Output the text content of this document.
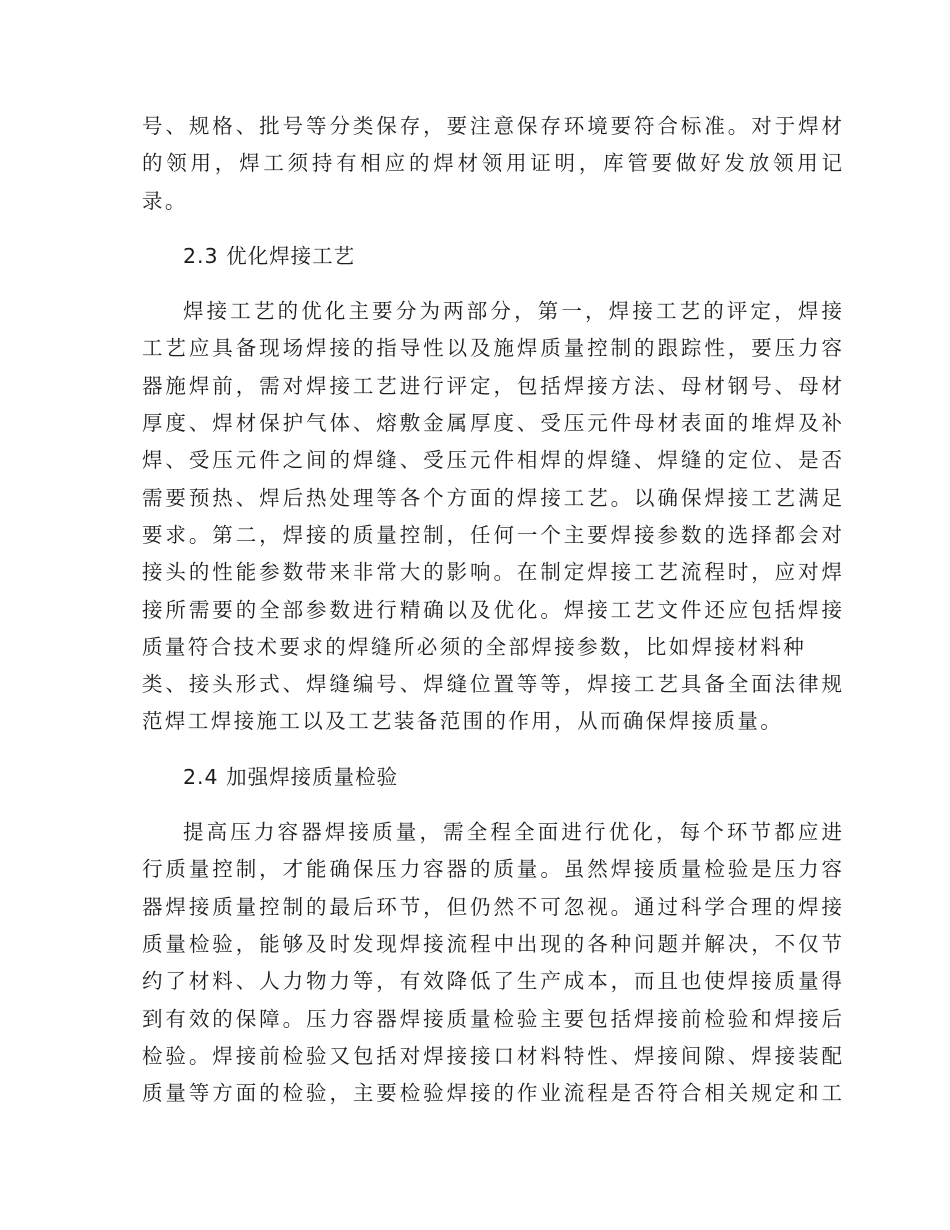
号、规格、批号等分类保存，要注意保存环境要符合标准。对于焊材
的领用，焊工须持有相应的焊材领用证明，库管要做好发放领用记
录。
2.3 优化焊接工艺
焊接工艺的优化主要分为两部分，第一，焊接工艺的评定，焊接
工艺应具备现场焊接的指导性以及施焊质量控制的跟踪性，要压力容
器施焊前，需对焊接工艺进行评定，包括焊接方法、母材钢号、母材
厚度、焊材保护气体、熔敷金属厚度、受压元件母材表面的堆焊及补
焊、受压元件之间的焊缝、受压元件相焊的焊缝、焊缝的定位、是否
需要预热、焊后热处理等各个方面的焊接工艺。以确保焊接工艺满足
要求。第二，焊接的质量控制，任何一个主要焊接参数的选择都会对
接头的性能参数带来非常大的影响。在制定焊接工艺流程时，应对焊
接所需要的全部参数进行精确以及优化。焊接工艺文件还应包括焊接
质量符合技术要求的焊缝所必须的全部焊接参数，比如焊接材料种
类、接头形式、焊缝编号、焊缝位置等等，焊接工艺具备全面法律规
范焊工焊接施工以及工艺装备范围的作用，从而确保焊接质量。
2.4 加强焊接质量检验
提高压力容器焊接质量，需全程全面进行优化，每个环节都应进
行质量控制，才能确保压力容器的质量。虽然焊接质量检验是压力容
器焊接质量控制的最后环节，但仍然不可忽视。通过科学合理的焊接
质量检验，能够及时发现焊接流程中出现的各种问题并解决，不仅节
约了材料、人力物力等，有效降低了生产成本，而且也使焊接质量得
到有效的保障。压力容器焊接质量检验主要包括焊接前检验和焊接后
检验。焊接前检验又包括对焊接接口材料特性、焊接间隙、焊接装配
质量等方面的检验，主要检验焊接的作业流程是否符合相关规定和工
